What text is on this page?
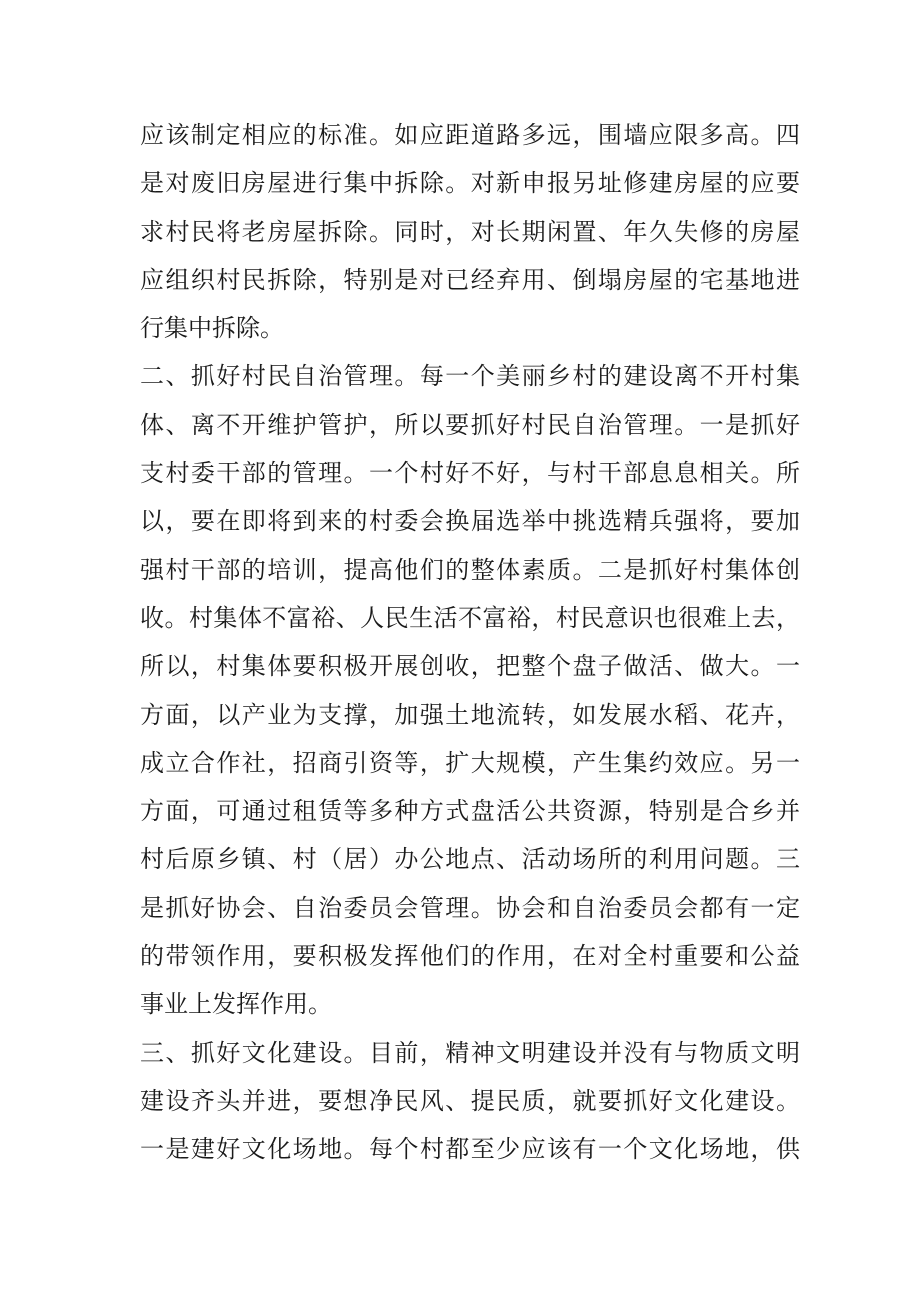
应该制定相应的标准。如应距道路多远，围墙应限多高。四
是对废旧房屋进行集中拆除。对新申报另址修建房屋的应要
求村民将老房屋拆除。同时，对长期闲置、年久失修的房屋
应组织村民拆除，特别是对已经弃用、倒塌房屋的宅基地进
行集中拆除。
二、抓好村民自治管理。每一个美丽乡村的建设离不开村集
体、离不开维护管护，所以要抓好村民自治管理。一是抓好
支村委干部的管理。一个村好不好，与村干部息息相关。所
以，要在即将到来的村委会换届选举中挑选精兵强将，要加
强村干部的培训，提高他们的整体素质。二是抓好村集体创
收。村集体不富裕、人民生活不富裕，村民意识也很难上去，
所以，村集体要积极开展创收，把整个盘子做活、做大。一
方面，以产业为支撑，加强土地流转，如发展水稻、花卉，
成立合作社，招商引资等，扩大规模，产生集约效应。另一
方面，可通过租赁等多种方式盘活公共资源，特别是合乡并
村后原乡镇、村（居）办公地点、活动场所的利用问题。三
是抓好协会、自治委员会管理。协会和自治委员会都有一定
的带领作用，要积极发挥他们的作用，在对全村重要和公益
事业上发挥作用。
三、抓好文化建设。目前，精神文明建设并没有与物质文明
建设齐头并进，要想净民风、提民质，就要抓好文化建设。
一是建好文化场地。每个村都至少应该有一个文化场地，供
